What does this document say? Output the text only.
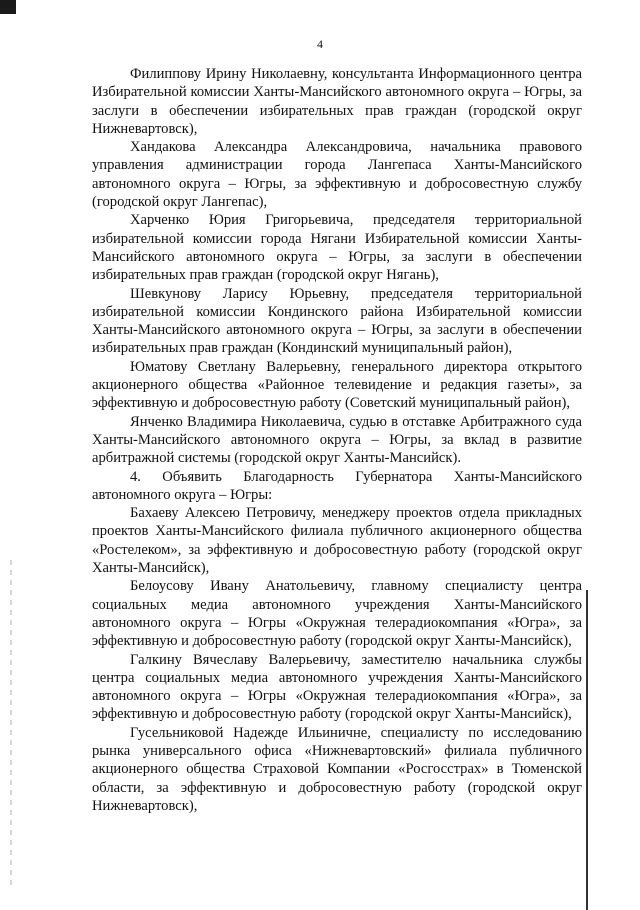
4

Филиппову Ирину Николаевну, консультанта Информационного центра Избирательной комиссии Ханты-Мансийского автономного округа – Югры, за заслуги в обеспечении избирательных прав граждан (городской округ Нижневартовск),

Хандакова Александра Александровича, начальника правового управления администрации города Лангепаса Ханты-Мансийского автономного округа – Югры, за эффективную и добросовестную службу (городской округ Лангепас),

Харченко Юрия Григорьевича, председателя территориальной избирательной комиссии города Нягани Избирательной комиссии Ханты-Мансийского автономного округа – Югры, за заслуги в обеспечении избирательных прав граждан (городской округ Нягань),

Шевкунову Ларису Юрьевну, председателя территориальной избирательной комиссии Кондинского района Избирательной комиссии Ханты-Мансийского автономного округа – Югры, за заслуги в обеспечении избирательных прав граждан (Кондинский муниципальный район),

Юматову Светлану Валерьевну, генерального директора открытого акционерного общества «Районное телевидение и редакция газеты», за эффективную и добросовестную работу (Советский муниципальный район),

Янченко Владимира Николаевича, судью в отставке Арбитражного суда Ханты-Мансийского автономного округа – Югры, за вклад в развитие арбитражной системы (городской округ Ханты-Мансийск).

4. Объявить Благодарность Губернатора Ханты-Мансийского автономного округа – Югры:

Бахаеву Алексею Петровичу, менеджеру проектов отдела прикладных проектов Ханты-Мансийского филиала публичного акционерного общества «Ростелеком», за эффективную и добросовестную работу (городской округ Ханты-Мансийск),

Белоусову Ивану Анатольевичу, главному специалисту центра социальных медиа автономного учреждения Ханты-Мансийского автономного округа – Югры «Окружная телерадиокомпания «Югра», за эффективную и добросовестную работу (городской округ Ханты-Мансийск),

Галкину Вячеславу Валерьевичу, заместителю начальника службы центра социальных медиа автономного учреждения Ханты-Мансийского автономного округа – Югры «Окружная телерадиокомпания «Югра», за эффективную и добросовестную работу (городской округ Ханты-Мансийск),

Гусельниковой Надежде Ильиничне, специалисту по исследованию рынка универсального офиса «Нижневартовский» филиала публичного акционерного общества Страховой Компании «Росгосстрах» в Тюменской области, за эффективную и добросовестную работу (городской округ Нижневартовск),
